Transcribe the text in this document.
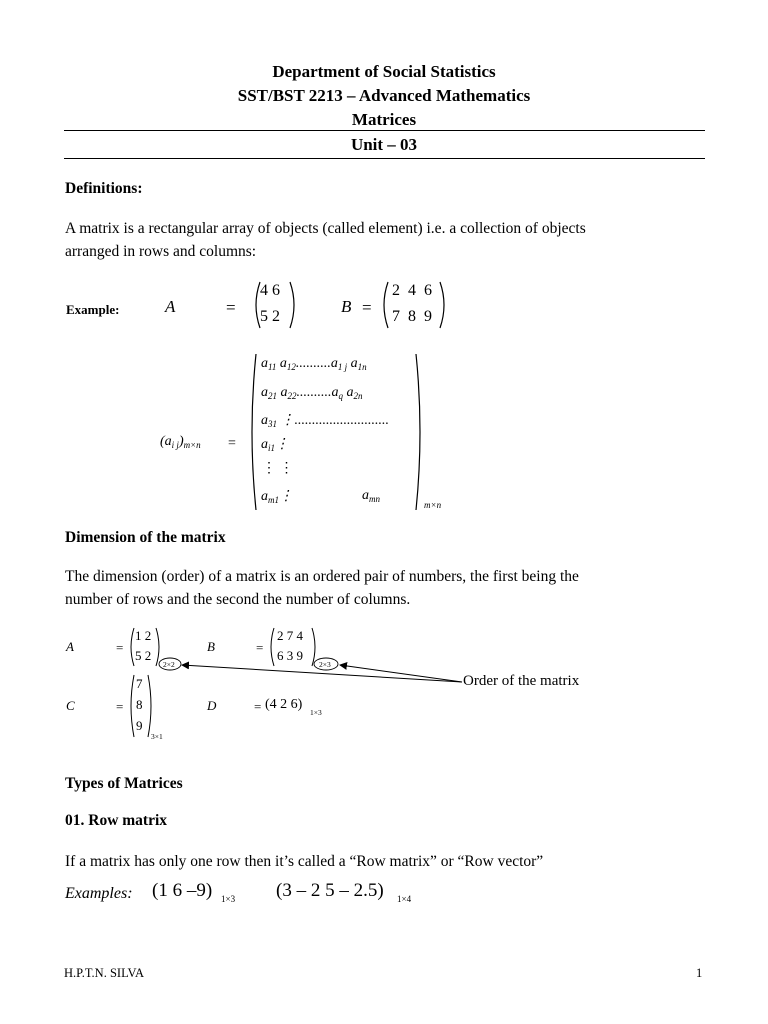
Department of Social Statistics
SST/BST 2213 – Advanced Mathematics
Matrices
Unit – 03
Definitions:
A matrix is a rectangular array of objects (called element) i.e. a collection of objects
arranged in rows and columns:
Example:	A	=
4 6
5 2
B =
2 4 6
7 8 9
$(a_{i j})_{m\times n}$ =
$a_{11}$ $a_{12}..........a_{1 j}$ $a_{1n}$
$a_{21}$ $a_{22}..........a_q$ $a_{2n}$
$a_{31}$ ⋮...........................
$a_{i1}⋮$
⋮ ⋮
$a_{m1}⋮$	$a_{mn}$
m×n
Dimension of the matrix
The dimension (order) of a matrix is an ordered pair of numbers, the first being the
number of rows and the second the number of columns.
A	=
1 2
5 2
2×2
B	=
2 7 4
6 3 9
2×3
Order of the matrix
C	=
7
8
9
3×1
D	= (4 2 6)
1×3
Types of Matrices
01. Row matrix
If a matrix has only one row then it’s called a “Row matrix” or “Row vector”
Examples: (1 6 –9) 1×3 (3 – 2 5 – 2.5) 1×4
H.P.T.N. SILVA	1
